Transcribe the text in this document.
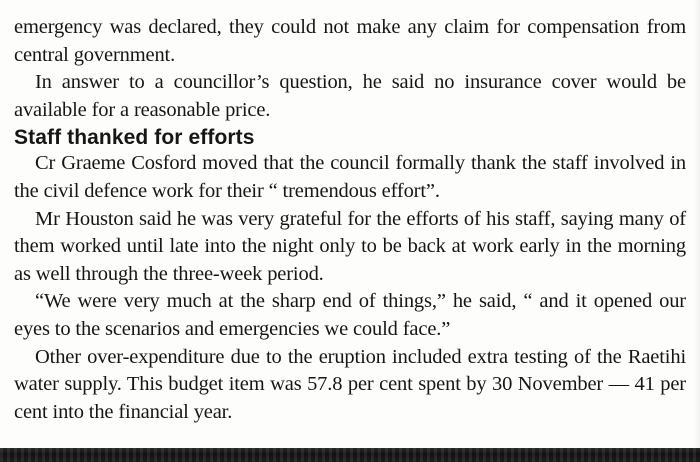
emergency was declared, they could not make any claim for compensation from central government.

In answer to a councillor’s question, he said no insurance cover would be available for a reasonable price.

Staff thanked for efforts

Cr Graeme Cosford moved that the council formally thank the staff involved in the civil defence work for their “ tremendous effort”.

Mr Houston said he was very grateful for the efforts of his staff, saying many of them worked until late into the night only to be back at work early in the morning as well through the three-week period.

“We were very much at the sharp end of things,” he said, “ and it opened our eyes to the scenarios and emergencies we could face.”

Other over-expenditure due to the eruption included extra testing of the Raetihi water supply. This budget item was 57.8 per cent spent by 30 November — 41 per cent into the financial year.
